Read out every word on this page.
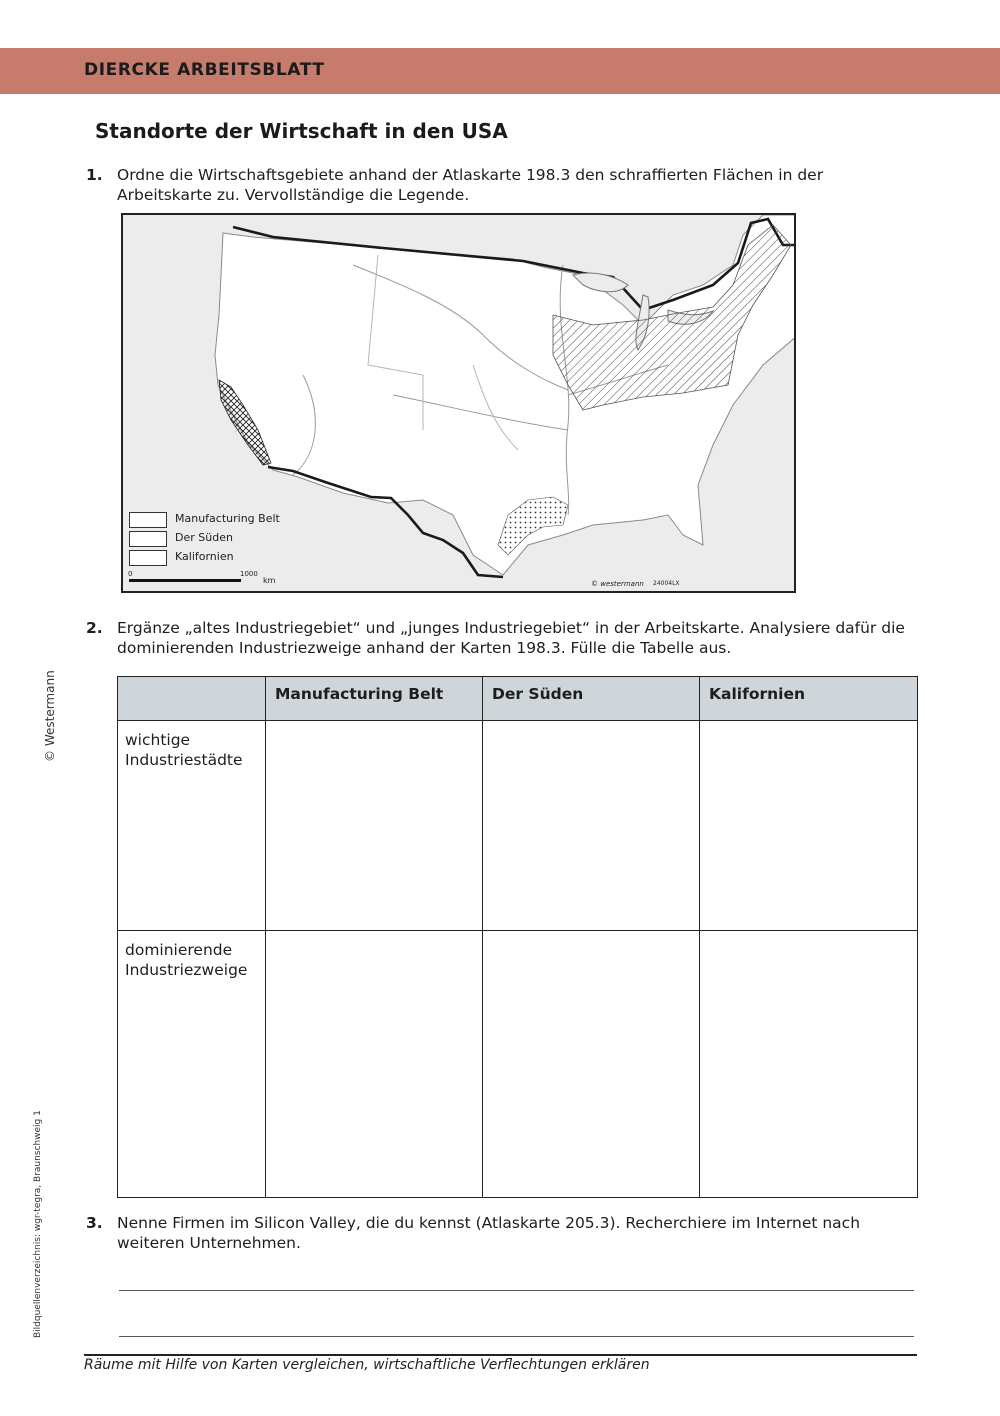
DIERCKE ARBEITSBLATT
Standorte der Wirtschaft in den USA
1. Ordne die Wirtschaftsgebiete anhand der Atlaskarte 198.3 den schraffierten Flächen in der Arbeitskarte zu. Vervollständige die Legende.
Manufacturing Belt
Der Süden
Kalifornien
0	1000
km	© westermann 24004LX
2. Ergänze „altes Industriegebiet“ und „junges Industriegebiet“ in der Arbeitskarte. Analysiere dafür die dominierenden Industriezweige anhand der Karten 198.3. Fülle die Tabelle aus.
	Manufacturing Belt	Der Süden	Kalifornien
wichtige Industriestädte			
dominierende Industriezweige			
3. Nenne Firmen im Silicon Valley, die du kennst (Atlaskarte 205.3). Recherchiere im Internet nach weiteren Unternehmen.
Räume mit Hilfe von Karten vergleichen, wirtschaftliche Verflechtungen erklären
© Westermann
Bildquellenverzeichnis: wgr-tegra, Braunschweig 1
